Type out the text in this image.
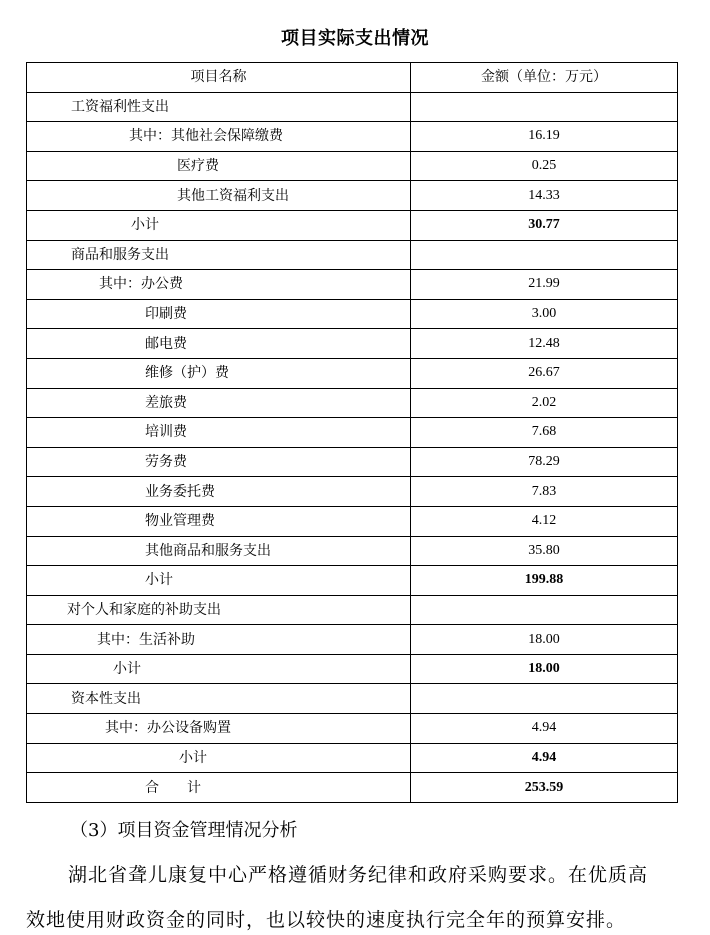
项目实际支出情况
项目名称	金额（单位：万元）
工资福利性支出	
其中：其他社会保障缴费	16.19
医疗费	0.25
其他工资福利支出	14.33
小计	30.77
商品和服务支出	
其中：办公费	21.99
印刷费	3.00
邮电费	12.48
维修（护）费	26.67
差旅费	2.02
培训费	7.68
劳务费	78.29
业务委托费	7.83
物业管理费	4.12
其他商品和服务支出	35.80
小计	199.88
对个人和家庭的补助支出	
其中：生活补助	18.00
小计	18.00
资本性支出	
其中：办公设备购置	4.94
小计	4.94
合　　计	253.59
（3）项目资金管理情况分析
湖北省聋儿康复中心严格遵循财务纪律和政府采购要求。在优质高
效地使用财政资金的同时，也以较快的速度执行完全年的预算安排。
